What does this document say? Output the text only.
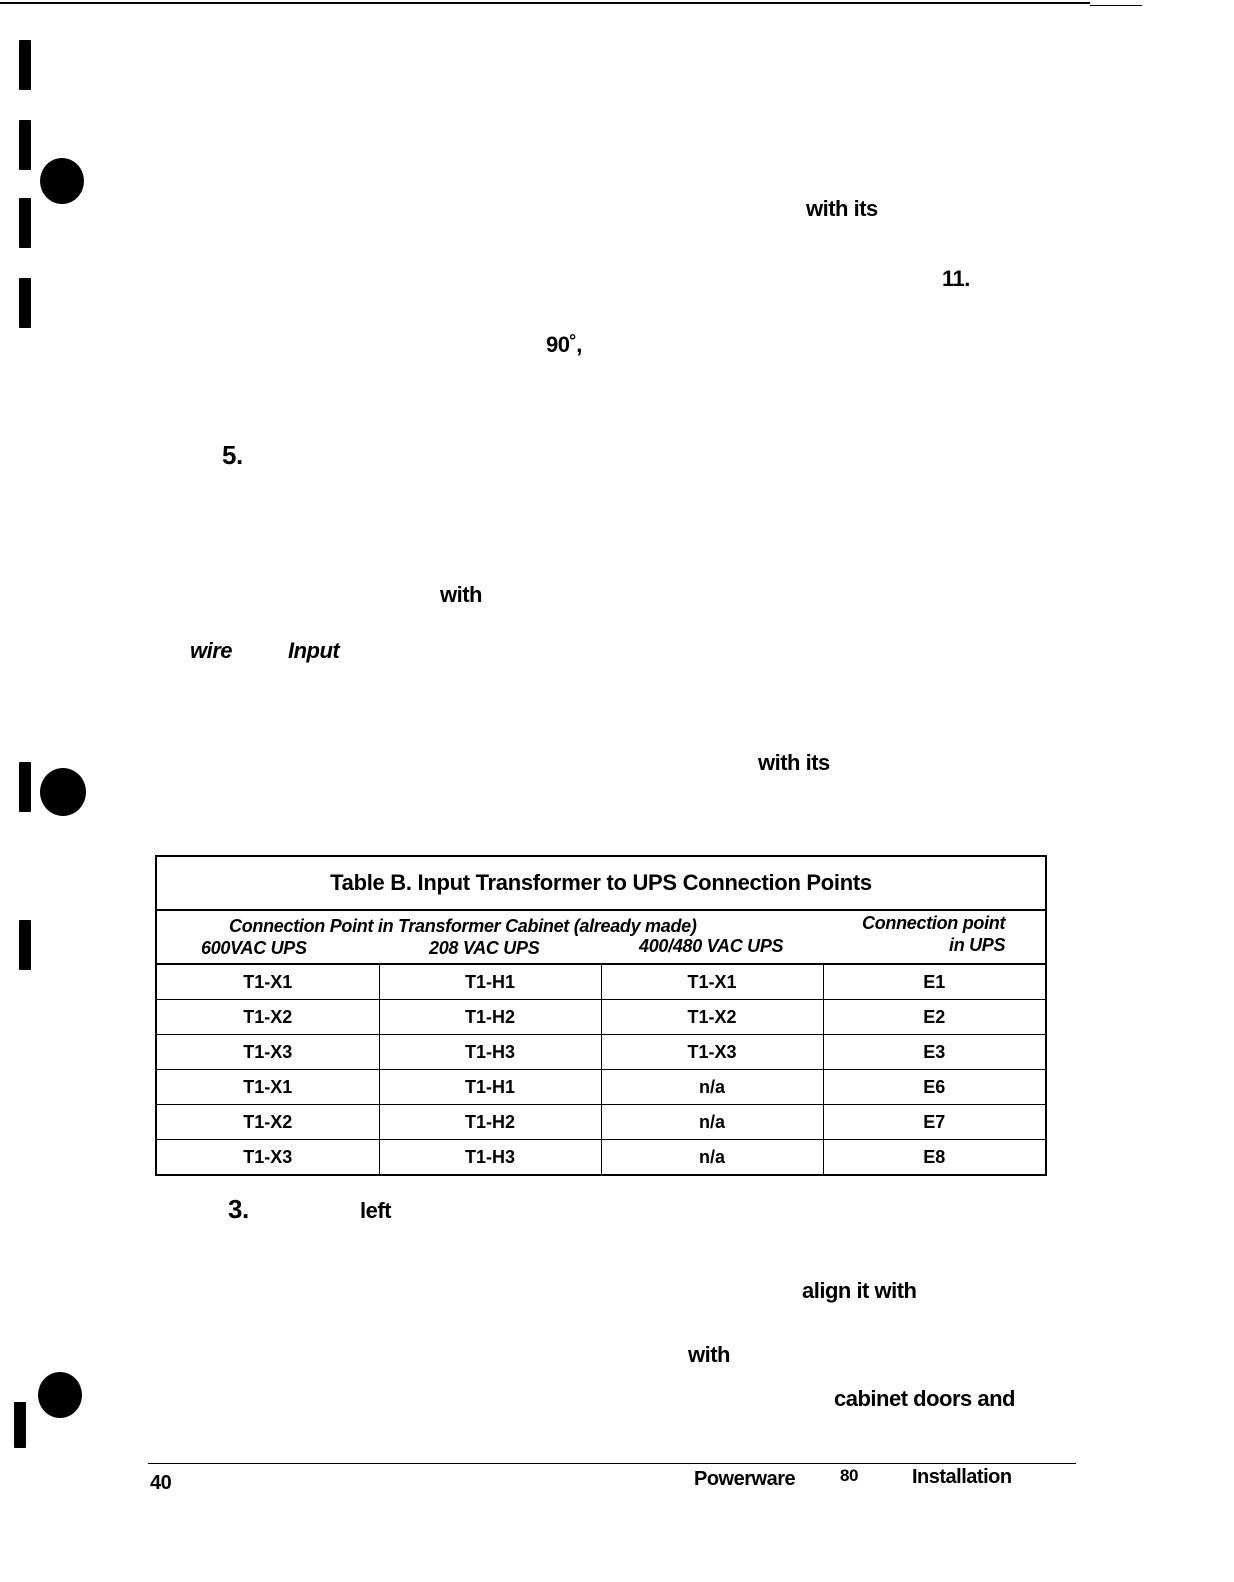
with its
11.
90˚,
5.
with
wire	Input
with its
Table B. Input Transformer to UPS Connection Points
Connection Point in Transformer Cabinet (already made)
600VAC UPS	208 VAC UPS	400/480 VAC UPS
Connection point
in UPS
T1-X1	T1-H1	T1-X1	E1
T1-X2	T1-H2	T1-X2	E2
T1-X3	T1-H3	T1-X3	E3
T1-X1	T1-H1	n/a	E6
T1-X2	T1-H2	n/a	E7
T1-X3	T1-H3	n/a	E8
3.	left
align it with
with
cabinet doors and
40	Powerware	80	Installation
